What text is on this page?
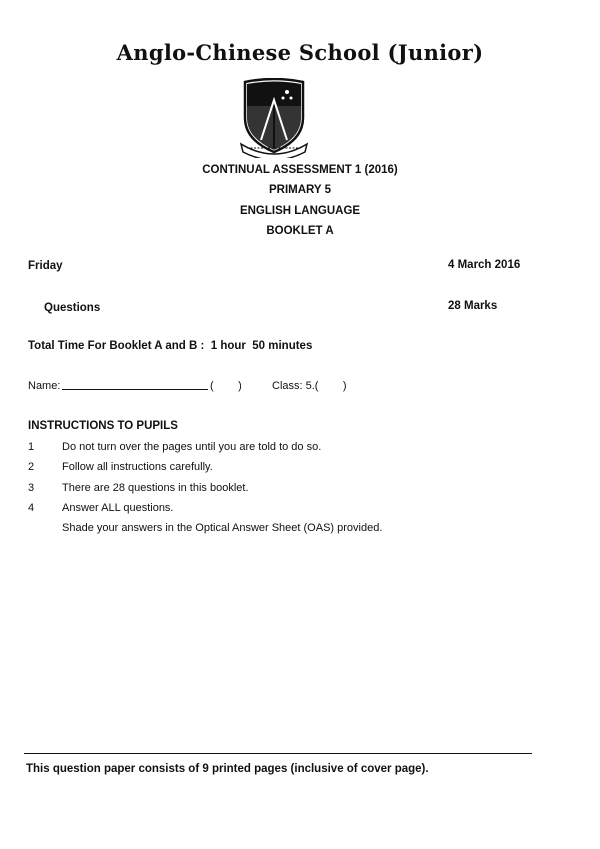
Anglo-Chinese School (Junior)
CONTINUAL ASSESSMENT 1 (2016)
PRIMARY 5
ENGLISH LANGUAGE
BOOKLET A
Friday	4 March 2016
Questions	28 Marks
Total Time For Booklet A and B :  1 hour  50 minutes
Name:	(        )	Class: 5.(        )
INSTRUCTIONS TO PUPILS
1	Do not turn over the pages until you are told to do so.
2	Follow all instructions carefully.
3	There are 28 questions in this booklet.
4	Answer ALL questions.
Shade your answers in the Optical Answer Sheet (OAS) provided.
This question paper consists of 9 printed pages (inclusive of cover page).
